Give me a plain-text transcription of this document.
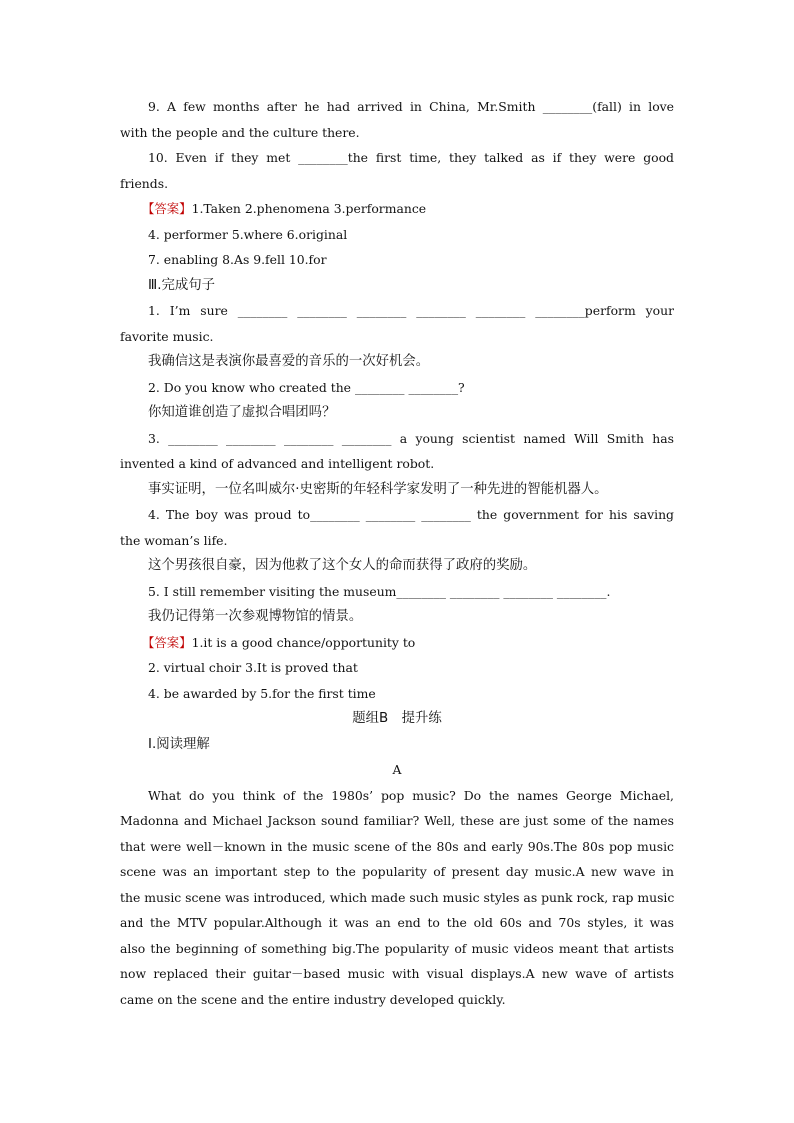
9. A few months after he had arrived in China, Mr.Smith ________(fall) in love
with the people and the culture there.
10. Even if they met ________the first time, they talked as if they were good
friends.
【答案】1.Taken 2.phenomena 3.performance
4. performer 5.where 6.original
7. enabling 8.As 9.fell 10.for
Ⅲ.完成句子
1. I’m sure ________ ________ ________ ________ ________ ________perform your
favorite music.
我确信这是表演你最喜爱的音乐的一次好机会。
2. Do you know who created the ________ ________?
你知道谁创造了虚拟合唱团吗？
3. ________ ________ ________ ________ a young scientist named Will Smith has
invented a kind of advanced and intelligent robot.
事实证明，一位名叫威尔·史密斯的年轻科学家发明了一种先进的智能机器人。
4. The boy was proud to________ ________ ________ the government for his saving
the woman’s life.
这个男孩很自豪，因为他救了这个女人的命而获得了政府的奖励。
5. I still remember visiting the museum________ ________ ________ ________.
我仍记得第一次参观博物馆的情景。
【答案】1.it is a good chance/opportunity to
2. virtual choir 3.It is proved that
4. be awarded by 5.for the first time
题组B　提升练
Ⅰ.阅读理解
A
What do you think of the 1980s’ pop music? Do the names George Michael,
Madonna and Michael Jackson sound familiar? Well, these are just some of the names
that were well－known in the music scene of the 80s and early 90s.The 80s pop music
scene was an important step to the popularity of present day music.A new wave in
the music scene was introduced, which made such music styles as punk rock, rap music
and the MTV popular.Although it was an end to the old 60s and 70s styles, it was
also the beginning of something big.The popularity of music videos meant that artists
now replaced their guitar－based music with visual displays.A new wave of artists
came on the scene and the entire industry developed quickly.
